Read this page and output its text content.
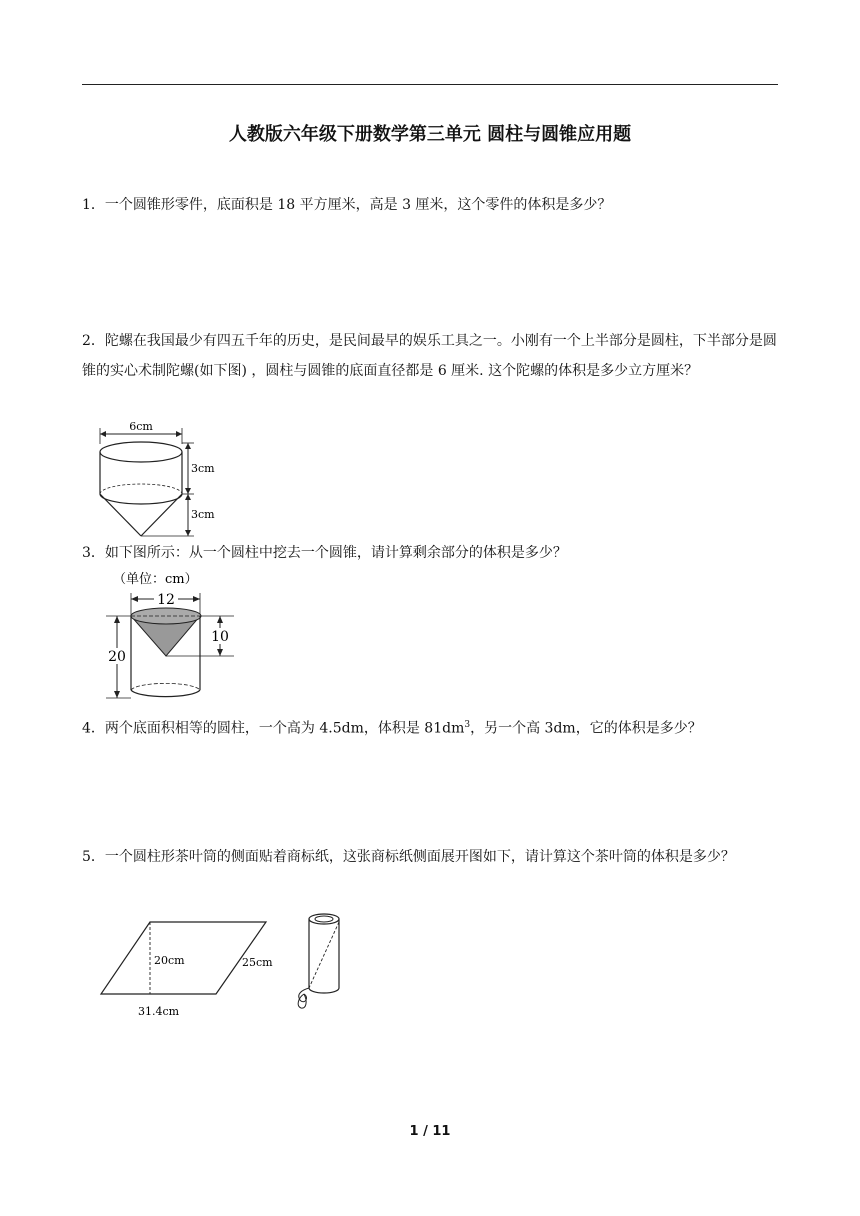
人教版六年级下册数学第三单元 圆柱与圆锥应用题
1．一个圆锥形零件，底面积是 18 平方厘米，高是 3 厘米，这个零件的体积是多少？
2．陀螺在我国最少有四五千年的历史，是民间最早的娱乐工具之一。小刚有一个上半部分是圆柱，下半部分是圆锥的实心术制陀螺(如下图) ，圆柱与圆锥的底面直径都是 6 厘米. 这个陀螺的体积是多少立方厘米？
6cm
3cm
3cm
3．如下图所示：从一个圆柱中挖去一个圆锥，请计算剩余部分的体积是多少？
（单位：cm）
12
20
10
4．两个底面积相等的圆柱，一个高为 4.5dm，体积是 $81dm^3$，另一个高 3dm，它的体积是多少？
5．一个圆柱形茶叶筒的侧面贴着商标纸，这张商标纸侧面展开图如下，请计算这个茶叶筒的体积是多少？
20cm	25cm
31.4cm
1 / 11
